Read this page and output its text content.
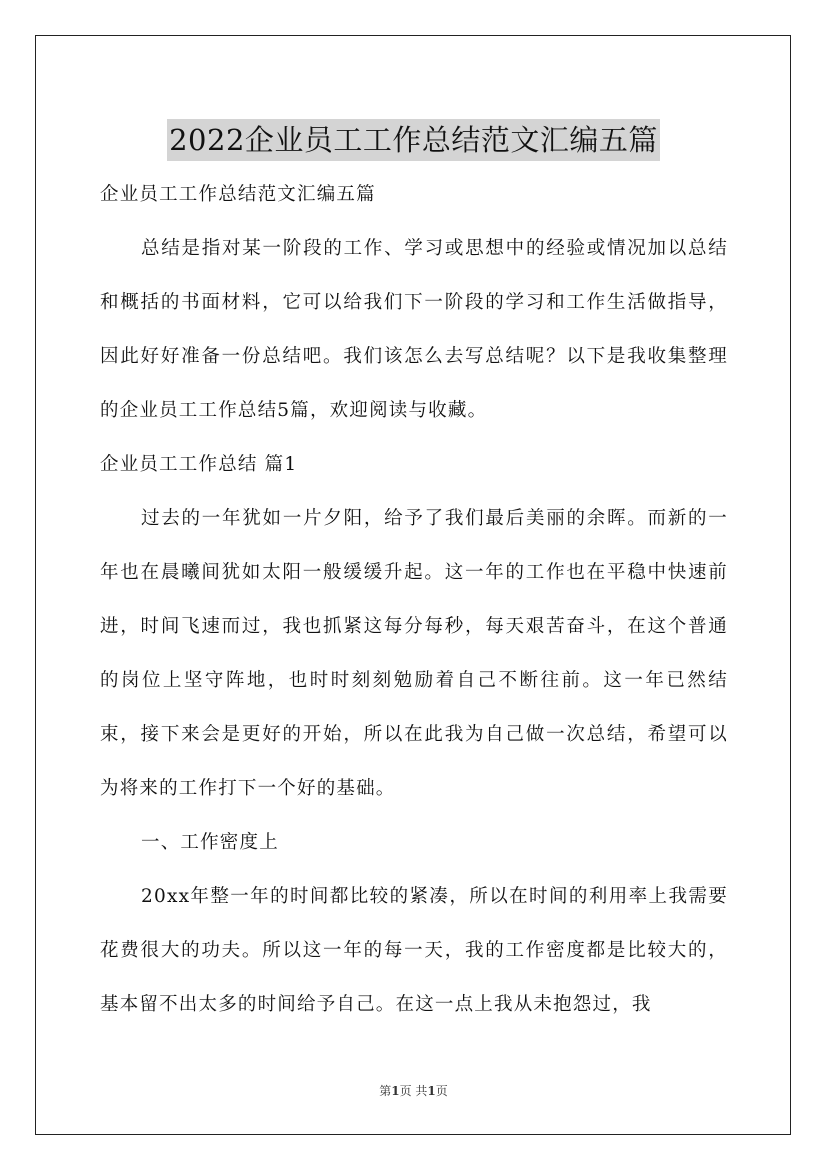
2022企业员工工作总结范文汇编五篇

企业员工工作总结范文汇编五篇

总结是指对某一阶段的工作、学习或思想中的经验或情况加以总结和概括的书面材料，它可以给我们下一阶段的学习和工作生活做指导，因此好好准备一份总结吧。我们该怎么去写总结呢？以下是我收集整理的企业员工工作总结5篇，欢迎阅读与收藏。

企业员工工作总结 篇1

过去的一年犹如一片夕阳，给予了我们最后美丽的余晖。而新的一年也在晨曦间犹如太阳一般缓缓升起。这一年的工作也在平稳中快速前进，时间飞速而过，我也抓紧这每分每秒，每天艰苦奋斗，在这个普通的岗位上坚守阵地，也时时刻刻勉励着自己不断往前。这一年已然结束，接下来会是更好的开始，所以在此我为自己做一次总结，希望可以为将来的工作打下一个好的基础。

一、工作密度上

20xx年整一年的时间都比较的紧凑，所以在时间的利用率上我需要花费很大的功夫。所以这一年的每一天，我的工作密度都是比较大的，基本留不出太多的时间给予自己。在这一点上我从未抱怨过，我

第1页 共1页
